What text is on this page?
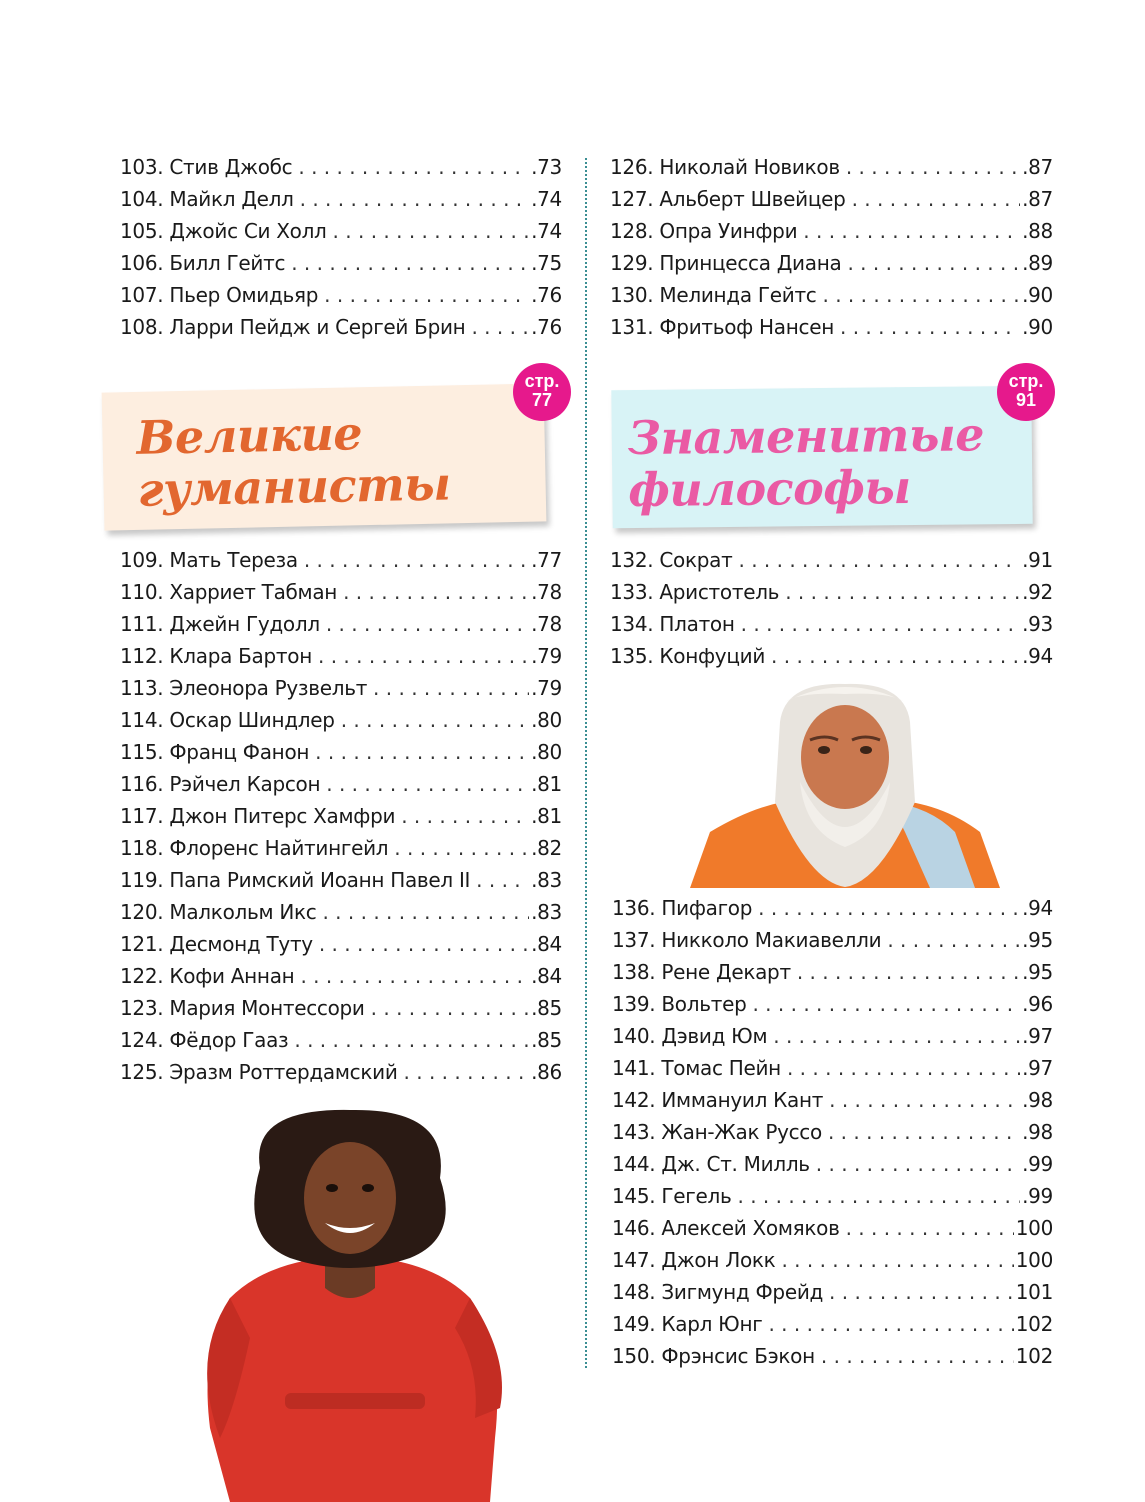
103. Стив Джобс . . .	.73
104. Майкл Делл . . .	.74
105. Джойс Си Холл . . .	.74
106. Билл Гейтс . . .	.75
107. Пьер Омидьяр . . .	.76
108. Ларри Пейдж и Сергей Брин . . .	.76
Великие
гуманисты
стр.
77
109. Мать Тереза . . .	.77
110. Харриет Табман . . .	.78
111. Джейн Гудолл . . .	.78
112. Клара Бартон . . .	.79
113. Элеонора Рузвельт . . .	.79
114. Оскар Шиндлер . . .	.80
115. Франц Фанон . . .	.80
116. Рэйчел Карсон . . .	.81
117. Джон Питерс Хамфри . . .	.81
118. Флоренс Найтингейл . . .	.82
119. Папа Римский Иоанн Павел II . . .	.83
120. Малкольм Икс . . .	.83
121. Десмонд Туту . . .	.84
122. Кофи Аннан . . .	.84
123. Мария Монтессори . . .	.85
124. Фёдор Гааз . . .	.85
125. Эразм Роттердамский . . .	.86
126. Николай Новиков . . .	.87
127. Альберт Швейцер . . .	.87
128. Опра Уинфри . . .	.88
129. Принцесса Диана . . .	.89
130. Мелинда Гейтс . . .	.90
131. Фритьоф Нансен . . .	.90
Знаменитые
философы
стр.
91
132. Сократ . . .	.91
133. Аристотель . . .	.92
134. Платон . . .	.93
135. Конфуций . . .	.94
136. Пифагор . . .	.94
137. Никколо Макиавелли . . .	.95
138. Рене Декарт . . .	.95
139. Вольтер . . .	.96
140. Дэвид Юм . . .	.97
141. Томас Пейн . . .	.97
142. Иммануил Кант . . .	.98
143. Жан-Жак Руссо . . .	.98
144. Дж. Ст. Милль . . .	.99
145. Гегель . . .	.99
146. Алексей Хомяков . . .	100
147. Джон Локк . . .	100
148. Зигмунд Фрейд . . .	101
149. Карл Юнг . . .	102
150. Фрэнсис Бэкон . . .	102
